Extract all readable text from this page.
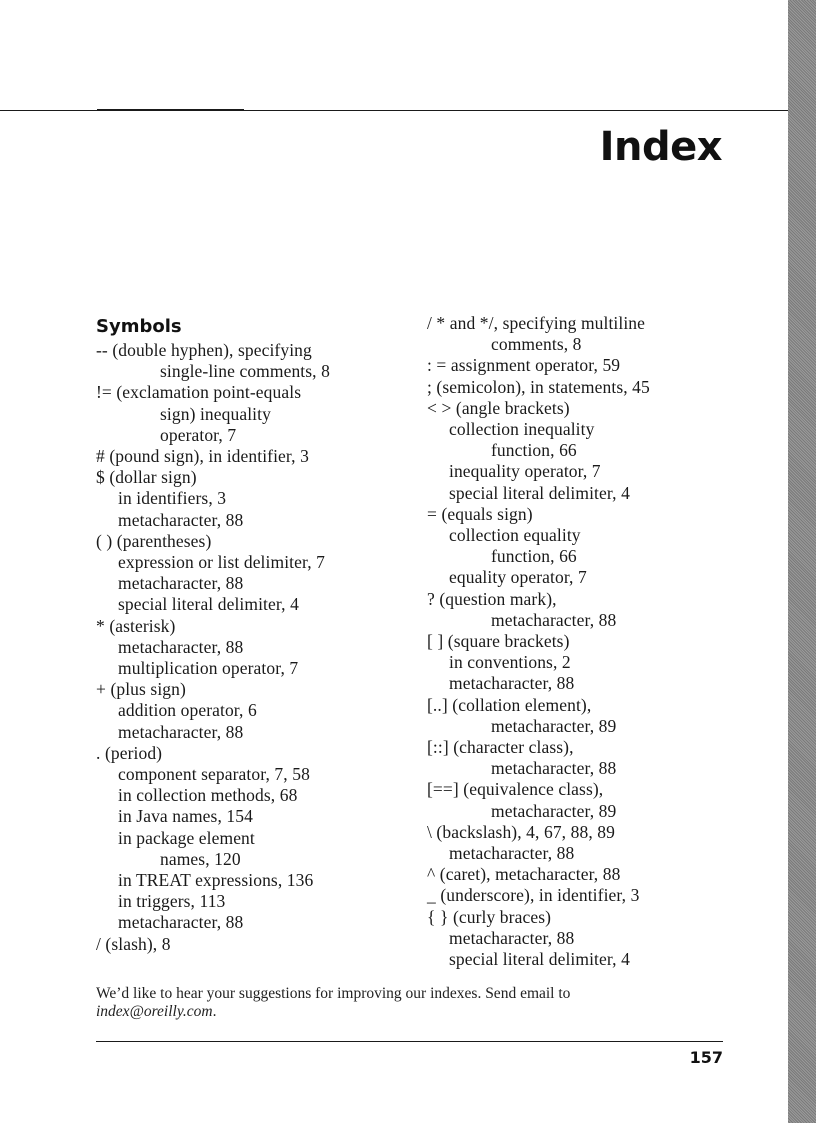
Index
Symbols
-- (double hyphen), specifying
single-line comments, 8
!= (exclamation point-equals
sign) inequality
operator, 7
# (pound sign), in identifier, 3
$ (dollar sign)
in identifiers, 3
metacharacter, 88
( ) (parentheses)
expression or list delimiter, 7
metacharacter, 88
special literal delimiter, 4
* (asterisk)
metacharacter, 88
multiplication operator, 7
+ (plus sign)
addition operator, 6
metacharacter, 88
. (period)
component separator, 7, 58
in collection methods, 68
in Java names, 154
in package element
names, 120
in TREAT expressions, 136
in triggers, 113
metacharacter, 88
/ (slash), 8
/ * and */, specifying multiline
comments, 8
: = assignment operator, 59
; (semicolon), in statements, 45
< > (angle brackets)
collection inequality
function, 66
inequality operator, 7
special literal delimiter, 4
= (equals sign)
collection equality
function, 66
equality operator, 7
? (question mark),
metacharacter, 88
[ ] (square brackets)
in conventions, 2
metacharacter, 88
[..] (collation element),
metacharacter, 89
[::] (character class),
metacharacter, 88
[==] (equivalence class),
metacharacter, 89
\ (backslash), 4, 67, 88, 89
metacharacter, 88
^ (caret), metacharacter, 88
_ (underscore), in identifier, 3
{ } (curly braces)
metacharacter, 88
special literal delimiter, 4
We’d like to hear your suggestions for improving our indexes. Send email to
index@oreilly.com.
157
